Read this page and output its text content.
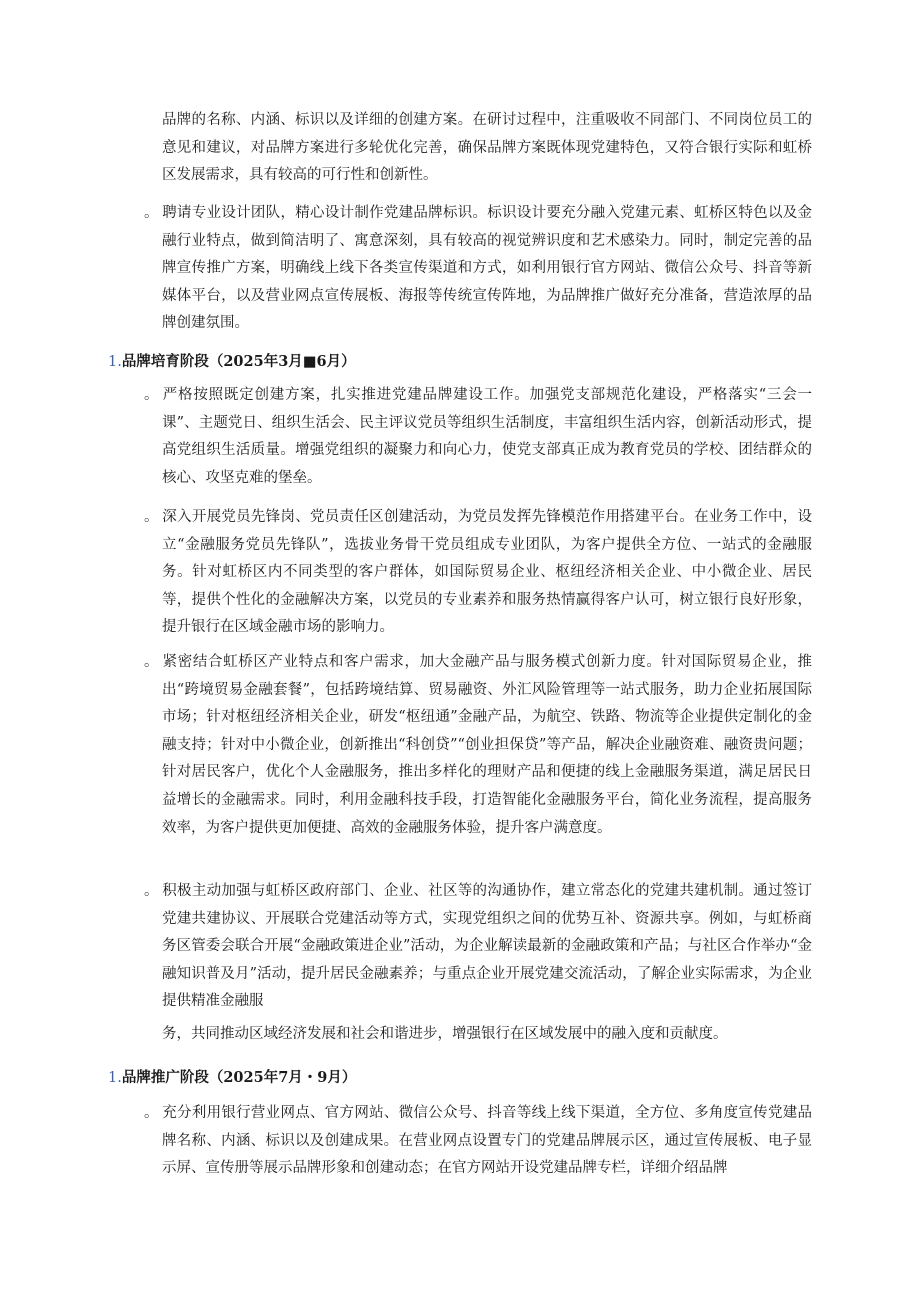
品牌的名称、内涵、标识以及详细的创建方案。在研讨过程中，注重吸收不同部门、不同岗位员工的意见和建议，对品牌方案进行多轮优化完善，确保品牌方案既体现党建特色，又符合银行实际和虹桥区发展需求，具有较高的可行性和创新性。

。 聘请专业设计团队，精心设计制作党建品牌标识。标识设计要充分融入党建元素、虹桥区特色以及金融行业特点，做到简洁明了、寓意深刻，具有较高的视觉辨识度和艺术感染力。同时，制定完善的品牌宣传推广方案，明确线上线下各类宣传渠道和方式，如利用银行官方网站、微信公众号、抖音等新媒体平台，以及营业网点宣传展板、海报等传统宣传阵地，为品牌推广做好充分准备，营造浓厚的品牌创建氛围。

1.品牌培育阶段（2025年3月■6月）

。 严格按照既定创建方案，扎实推进党建品牌建设工作。加强党支部规范化建设，严格落实“三会一课”、主题党日、组织生活会、民主评议党员等组织生活制度，丰富组织生活内容，创新活动形式，提高党组织生活质量。增强党组织的凝聚力和向心力，使党支部真正成为教育党员的学校、团结群众的核心、攻坚克难的堡垒。

。 深入开展党员先锋岗、党员责任区创建活动，为党员发挥先锋模范作用搭建平台。在业务工作中，设立“金融服务党员先锋队”，选拔业务骨干党员组成专业团队，为客户提供全方位、一站式的金融服务。针对虹桥区内不同类型的客户群体，如国际贸易企业、枢纽经济相关企业、中小微企业、居民等，提供个性化的金融解决方案，以党员的专业素养和服务热情赢得客户认可，树立银行良好形象，提升银行在区域金融市场的影响力。

。 紧密结合虹桥区产业特点和客户需求，加大金融产品与服务模式创新力度。针对国际贸易企业，推出“跨境贸易金融套餐”，包括跨境结算、贸易融资、外汇风险管理等一站式服务，助力企业拓展国际市场；针对枢纽经济相关企业，研发“枢纽通”金融产品，为航空、铁路、物流等企业提供定制化的金融支持；针对中小微企业，创新推出“科创贷”“创业担保贷”等产品，解决企业融资难、融资贵问题；针对居民客户，优化个人金融服务，推出多样化的理财产品和便捷的线上金融服务渠道，满足居民日益增长的金融需求。同时，利用金融科技手段，打造智能化金融服务平台，简化业务流程，提高服务效率，为客户提供更加便捷、高效的金融服务体验，提升客户满意度。

。 积极主动加强与虹桥区政府部门、企业、社区等的沟通协作，建立常态化的党建共建机制。通过签订党建共建协议、开展联合党建活动等方式，实现党组织之间的优势互补、资源共享。例如，与虹桥商务区管委会联合开展“金融政策进企业”活动，为企业解读最新的金融政策和产品；与社区合作举办“金融知识普及月”活动，提升居民金融素养；与重点企业开展党建交流活动，了解企业实际需求，为企业提供精准金融服

务，共同推动区域经济发展和社会和谐进步，增强银行在区域发展中的融入度和贡献度。

1.品牌推广阶段（2025年7月・9月）

。 充分利用银行营业网点、官方网站、微信公众号、抖音等线上线下渠道，全方位、多角度宣传党建品牌名称、内涵、标识以及创建成果。在营业网点设置专门的党建品牌展示区，通过宣传展板、电子显示屏、宣传册等展示品牌形象和创建动态；在官方网站开设党建品牌专栏，详细介绍品牌
